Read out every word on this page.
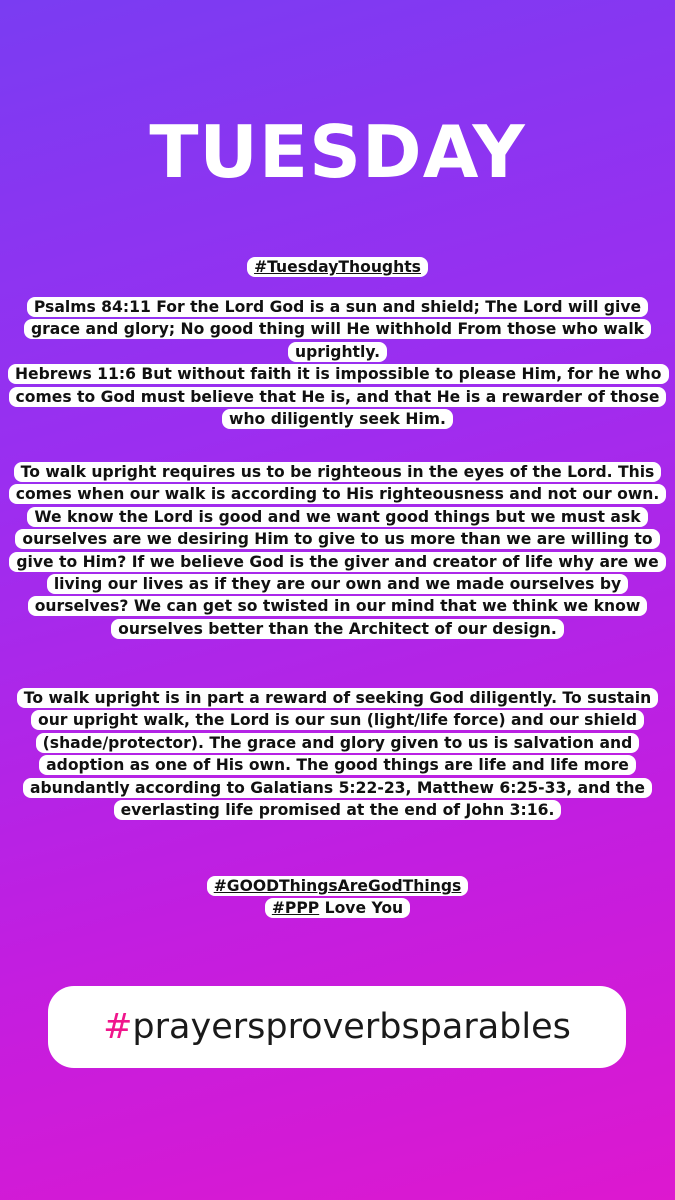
TUESDAY

#TuesdayThoughts

Psalms 84:11 For the Lord God is a sun and shield; The Lord will give grace and glory; No good thing will He withhold From those who walk uprightly.
Hebrews 11:6 But without faith it is impossible to please Him, for he who comes to God must believe that He is, and that He is a rewarder of those who diligently seek Him.

To walk upright requires us to be righteous in the eyes of the Lord. This comes when our walk is according to His righteousness and not our own. We know the Lord is good and we want good things but we must ask ourselves are we desiring Him to give to us more than we are willing to give to Him? If we believe God is the giver and creator of life why are we living our lives as if they are our own and we made ourselves by ourselves? We can get so twisted in our mind that we think we know ourselves better than the Architect of our design.

To walk upright is in part a reward of seeking God diligently. To sustain our upright walk, the Lord is our sun (light/life force) and our shield (shade/protector). The grace and glory given to us is salvation and adoption as one of His own. The good things are life and life more abundantly according to Galatians 5:22-23, Matthew 6:25-33, and the everlasting life promised at the end of John 3:16.

#GOODThingsAreGodThings
#PPP Love You

# prayersproverbsparables
